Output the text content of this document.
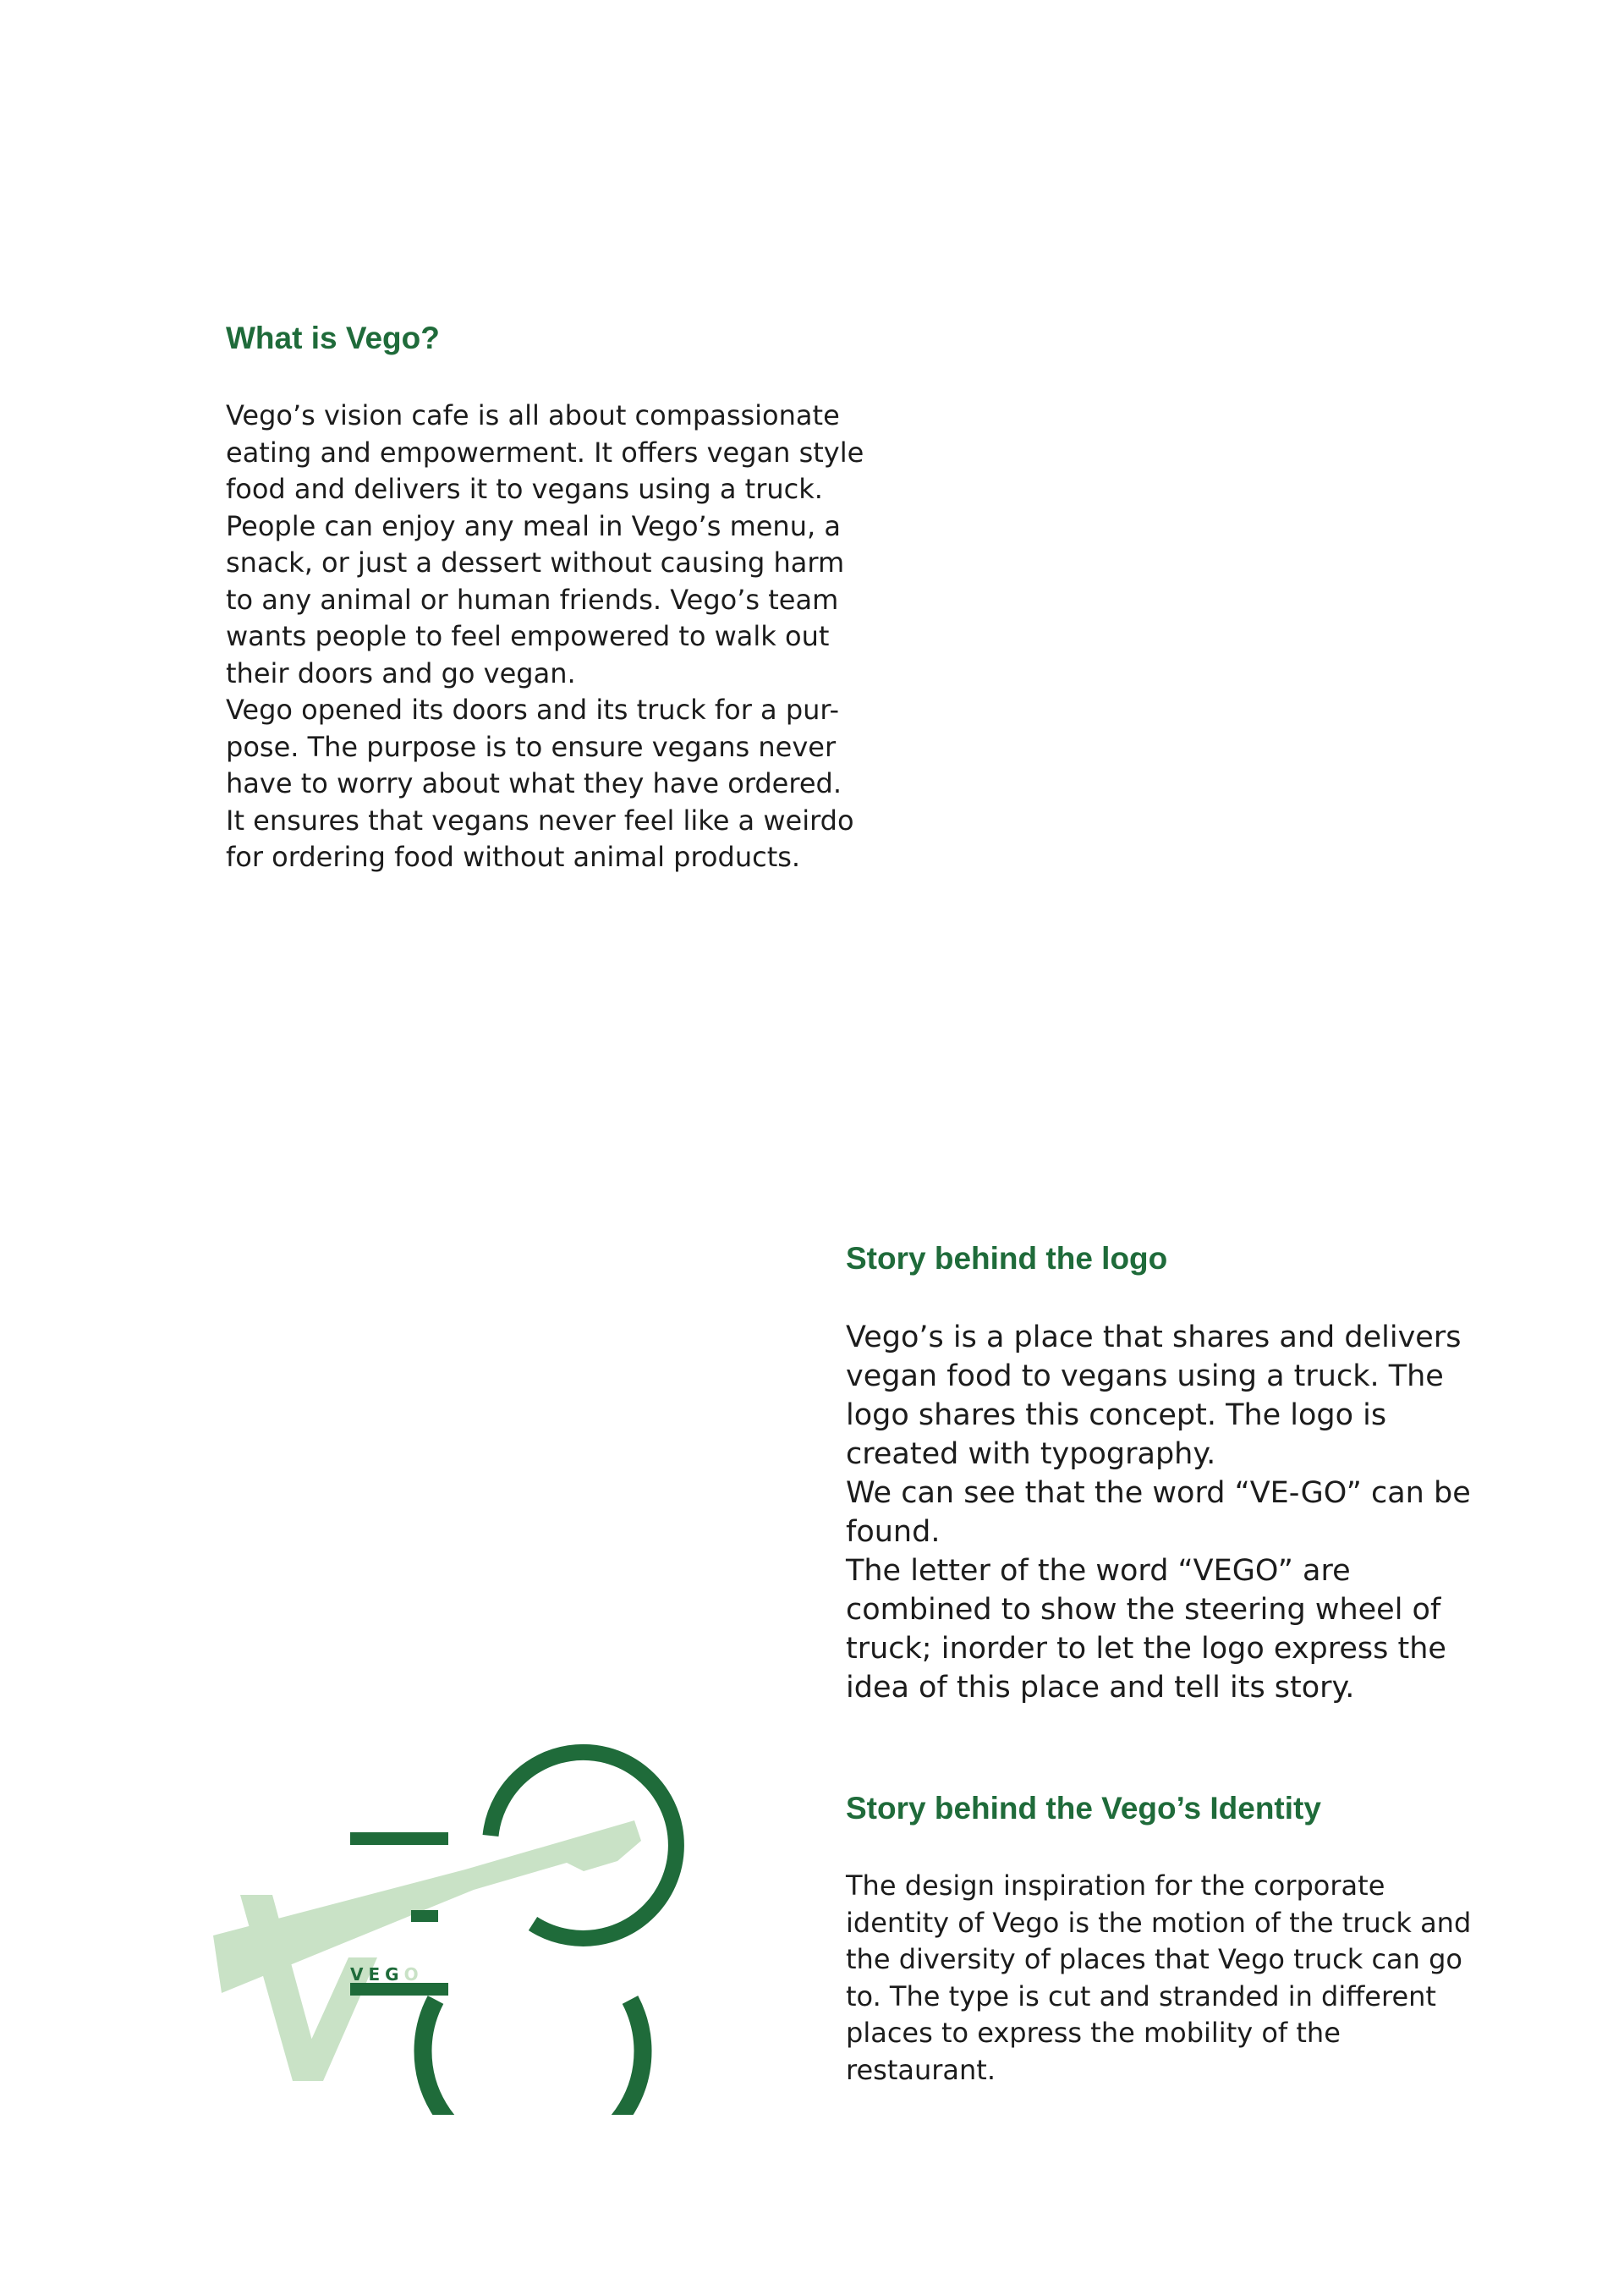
What is Vego?

Vego’s vision cafe is all about compassionate eating and empowerment. It offers vegan style food and delivers it to vegans using a truck.

People can enjoy any meal in Vego’s menu, a snack, or just a dessert without causing harm to any animal or human friends. Vego’s team wants people to feel empowered to walk out their doors and go vegan.

Vego opened its doors and its truck for a pur-pose. The purpose is to ensure vegans never have to worry about what they have ordered. It ensures that vegans never feel like a weirdo for ordering food without animal products.

Story behind the logo

Vego’s is a place that shares and delivers vegan food to vegans using a truck. The logo shares this concept. The logo is created with typography.

We can see that the word “VE-GO” can be found.

The letter of the word “VEGO” are combined to show the steering wheel of truck; inorder to let the logo express the idea of this place and tell its story.

Story behind the Vego’s Identity

The design inspiration for the corporate identity of Vego is the motion of the truck and the diversity of places that Vego truck can go to. The type is cut and stranded in different places to express the mobility of the restaurant.

VEGO
